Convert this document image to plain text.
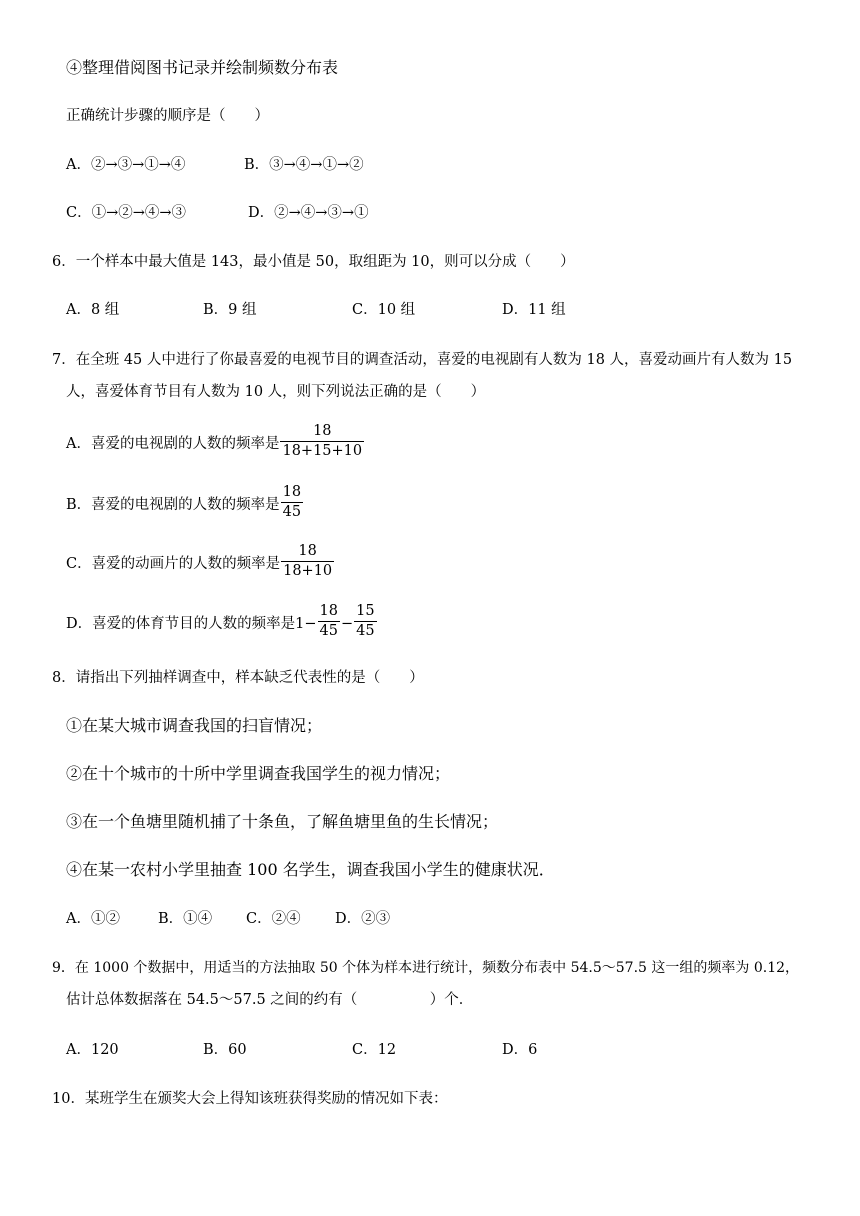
④整理借阅图书记录并绘制频数分布表
正确统计步骤的顺序是（　　）
A．②→③→①→④	B．③→④→①→②
C．①→②→④→③	D．②→④→③→①
6．一个样本中最大值是 143，最小值是 50，取组距为 10，则可以分成（　　）
A．8 组	B．9 组	C．10 组	D．11 组
7．在全班 45 人中进行了你最喜爱的电视节目的调查活动，喜爱的电视剧有人数为 18 人，喜爱动画片有人数为 15
人，喜爱体育节目有人数为 10 人，则下列说法正确的是（　　）
A．喜爱的电视剧的人数的频率是 $\frac{18}{18+15+10}$
B．喜爱的电视剧的人数的频率是 $\frac{18}{45}$
C．喜爱的动画片的人数的频率是 $\frac{18}{18+10}$
D．喜爱的体育节目的人数的频率是$1- \frac{18}{45} - \frac{15}{45}$
8．请指出下列抽样调查中，样本缺乏代表性的是（　　）
①在某大城市调查我国的扫盲情况；
②在十个城市的十所中学里调查我国学生的视力情况；
③在一个鱼塘里随机捕了十条鱼，了解鱼塘里鱼的生长情况；
④在某一农村小学里抽查 100 名学生，调查我国小学生的健康状况．
A．①②	B．①④ C．②④ D．②③
9．在 1000 个数据中，用适当的方法抽取 50 个体为样本进行统计，频数分布表中 54.5～57.5 这一组的频率为 0.12，
估计总体数据落在 54.5～57.5 之间的约有（　　　　　）个．
A．120	B．60	C．12	D．6
10．某班学生在颁奖大会上得知该班获得奖励的情况如下表：
